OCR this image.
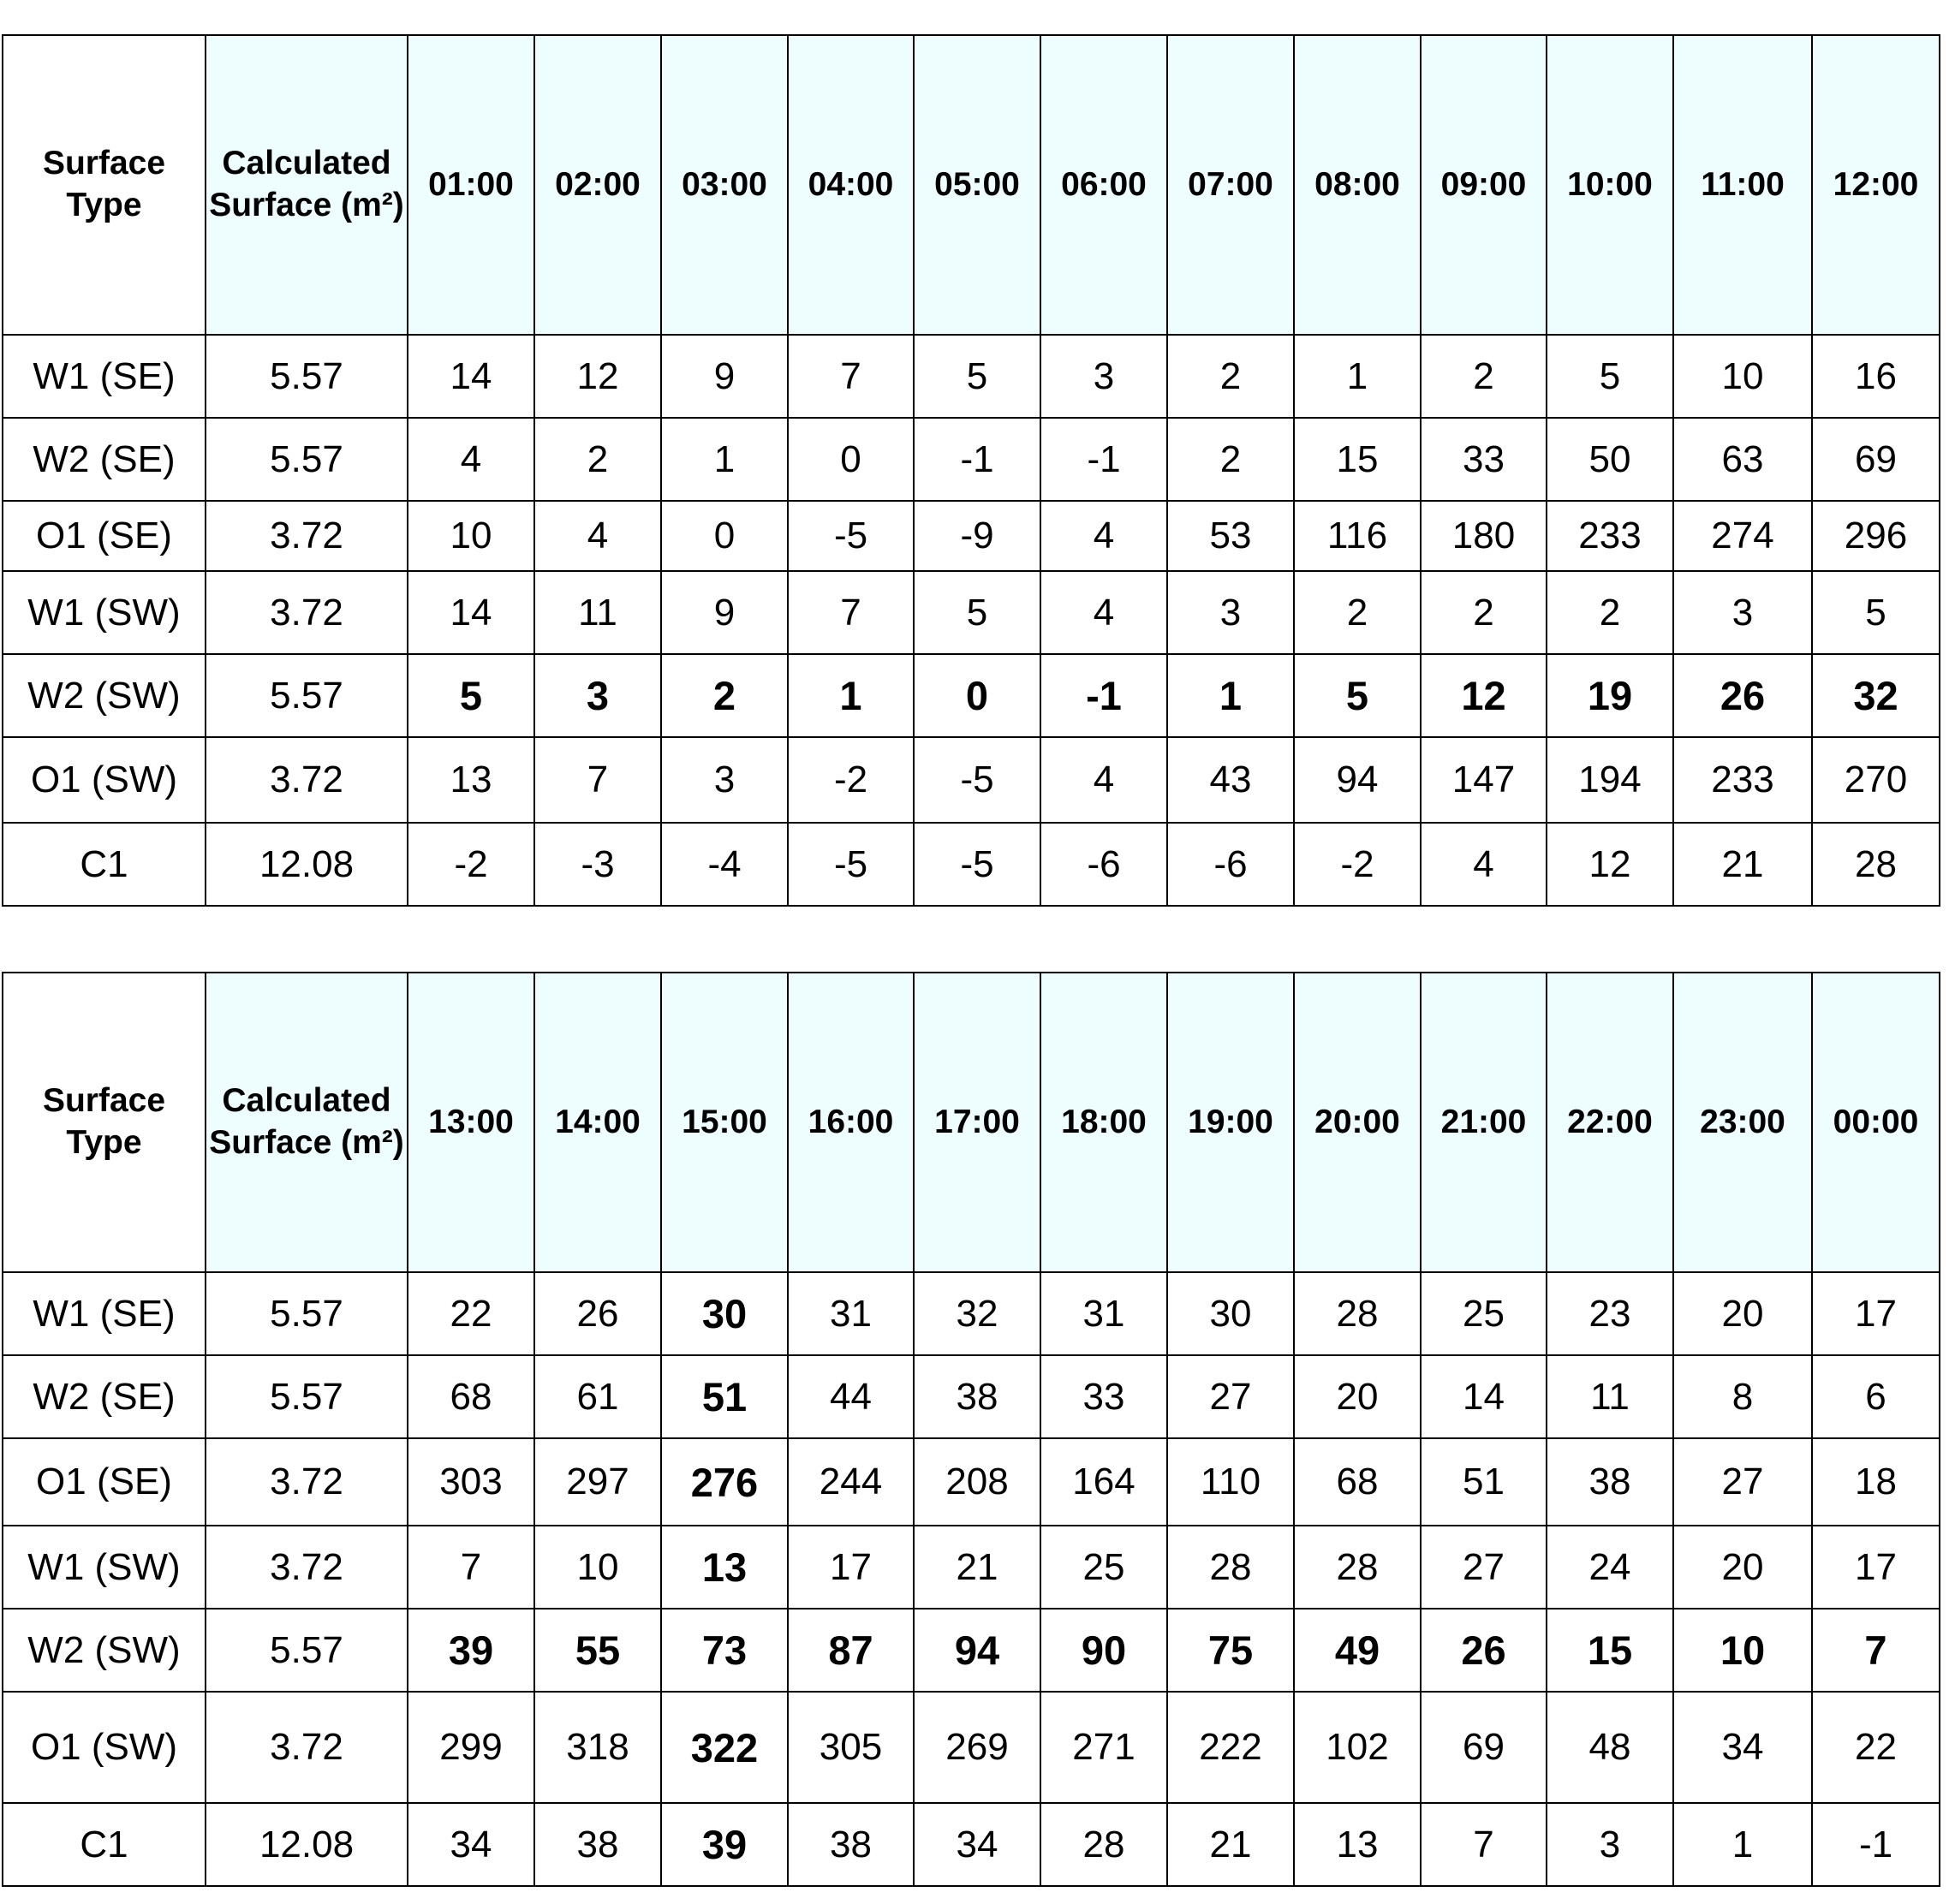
Surface Type	Calculated Surface (m²)	01:00	02:00	03:00	04:00	05:00	06:00	07:00	08:00	09:00	10:00	11:00	12:00
W1 (SE)	5.57	14	12	9	7	5	3	2	1	2	5	10	16
W2 (SE)	5.57	4	2	1	0	-1	-1	2	15	33	50	63	69
O1 (SE)	3.72	10	4	0	-5	-9	4	53	116	180	233	274	296
W1 (SW)	3.72	14	11	9	7	5	4	3	2	2	2	3	5
W2 (SW)	5.57	5	3	2	1	0	-1	1	5	12	19	26	32
O1 (SW)	3.72	13	7	3	-2	-5	4	43	94	147	194	233	270
C1	12.08	-2	-3	-4	-5	-5	-6	-6	-2	4	12	21	28
Surface Type	Calculated Surface (m²)	13:00	14:00	15:00	16:00	17:00	18:00	19:00	20:00	21:00	22:00	23:00	00:00
W1 (SE)	5.57	22	26	30	31	32	31	30	28	25	23	20	17
W2 (SE)	5.57	68	61	51	44	38	33	27	20	14	11	8	6
O1 (SE)	3.72	303	297	276	244	208	164	110	68	51	38	27	18
W1 (SW)	3.72	7	10	13	17	21	25	28	28	27	24	20	17
W2 (SW)	5.57	39	55	73	87	94	90	75	49	26	15	10	7
O1 (SW)	3.72	299	318	322	305	269	271	222	102	69	48	34	22
C1	12.08	34	38	39	38	34	28	21	13	7	3	1	-1
